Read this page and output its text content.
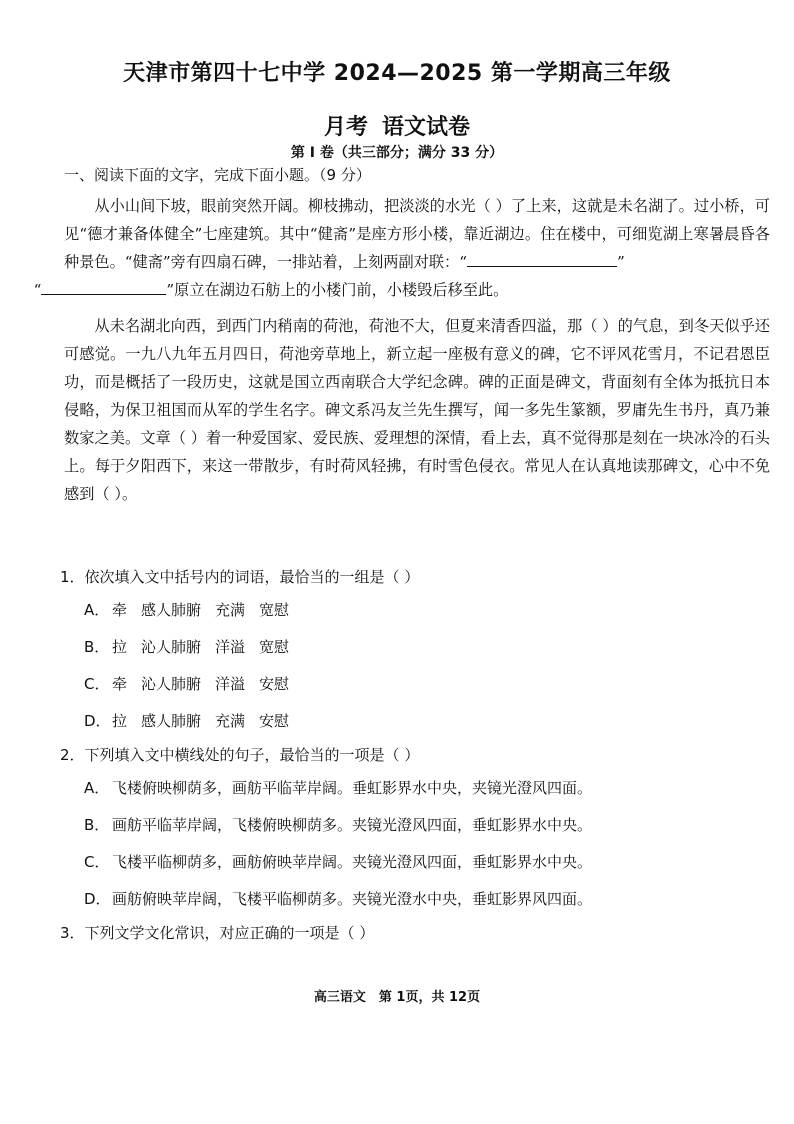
天津市第四十七中学 2024—2025 第一学期高三年级
月考 语文试卷
第 I 卷（共三部分；满分 33 分）
一、阅读下面的文字，完成下面小题。（9 分）

从小山间下坡，眼前突然开阔。柳枝拂动，把淡淡的水光（ ）了上来，这就是未名湖了。过小桥，可见“德才兼备体健全”七座建筑。其中“健斋”是座方形小楼，靠近湖边。住在楼中，可细览湖上寒暑晨昏各种景色。“健斋”旁有四扇石碑，一排站着，上刻两副对联：“	”
“	”原立在湖边石舫上的小楼门前，小楼毁后移至此。

从未名湖北向西，到西门内稍南的荷池，荷池不大，但夏来清香四溢，那（ ）的气息，到冬天似乎还可感觉。一九八九年五月四日，荷池旁草地上，新立起一座极有意义的碑，它不评风花雪月，不记君恩臣功，而是概括了一段历史，这就是国立西南联合大学纪念碑。碑的正面是碑文，背面刻有全体为抵抗日本侵略，为保卫祖国而从军的学生名字。碑文系冯友兰先生撰写，闻一多先生篆额，罗庸先生书丹，真乃兼数家之美。文章（ ）着一种爱国家、爱民族、爱理想的深情，看上去，真不觉得那是刻在一块冰冷的石头上。每于夕阳西下，来这一带散步，有时荷风轻拂，有时雪色侵衣。常见人在认真地读那碑文，心中不免感到（ ）。

1．依次填入文中括号内的词语，最恰当的一组是（ ）
A． 牵 感人肺腑 充满 宽慰
B． 拉 沁人肺腑 洋溢 宽慰
C． 牵 沁人肺腑 洋溢 安慰
D．拉 感人肺腑 充满 安慰
2．下列填入文中横线处的句子，最恰当的一项是（ ）
A． 飞楼俯映柳荫多，画舫平临苹岸阔。垂虹影界水中央，夹镜光澄风四面。
B． 画舫平临苹岸阔，飞楼俯映柳荫多。夹镜光澄风四面，垂虹影界水中央。
C． 飞楼平临柳荫多，画舫俯映苹岸阔。夹镜光澄风四面，垂虹影界水中央。
D．画舫俯映苹岸阔，飞楼平临柳荫多。夹镜光澄水中央，垂虹影界风四面。
3．下列文学文化常识，对应正确的一项是（ ）
高三语文　第 1页，共 12页
